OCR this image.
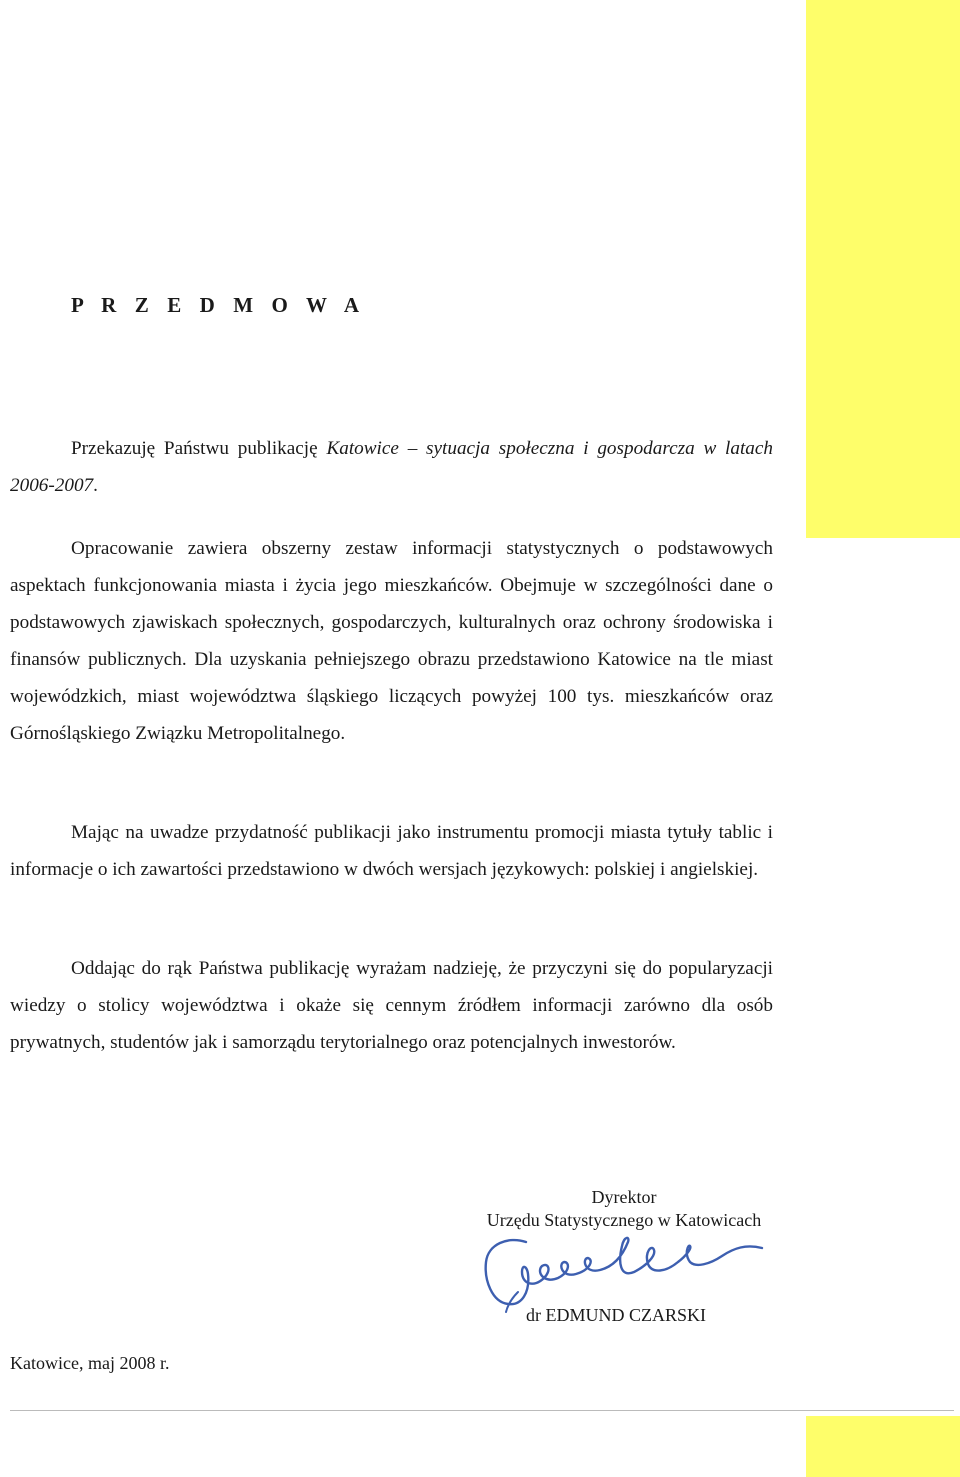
P R Z E D M O W A

Przekazuję Państwu publikację Katowice – sytuacja społeczna i gospodarcza w latach 2006-2007.

Opracowanie zawiera obszerny zestaw informacji statystycznych o podstawowych aspektach funkcjonowania miasta i życia jego mieszkańców. Obejmuje w szczególności dane o podstawowych zjawiskach społecznych, gospodarczych, kulturalnych oraz ochrony środowiska i finansów publicznych. Dla uzyskania pełniejszego obrazu przedstawiono Katowice na tle miast wojewódzkich, miast województwa śląskiego liczących powyżej 100 tys. mieszkańców oraz Górnośląskiego Związku Metropolitalnego.

Mając na uwadze przydatność publikacji jako instrumentu promocji miasta tytuły tablic i informacje o ich zawartości przedstawiono w dwóch wersjach językowych: polskiej i angielskiej.

Oddając do rąk Państwa publikację wyrażam nadzieję, że przyczyni się do popularyzacji wiedzy o stolicy województwa i okaże się cennym źródłem informacji zarówno dla osób prywatnych, studentów jak i samorządu terytorialnego oraz potencjalnych inwestorów.

Dyrektor
Urzędu Statystycznego w Katowicach
dr EDMUND CZARSKI
Katowice, maj 2008 r.
